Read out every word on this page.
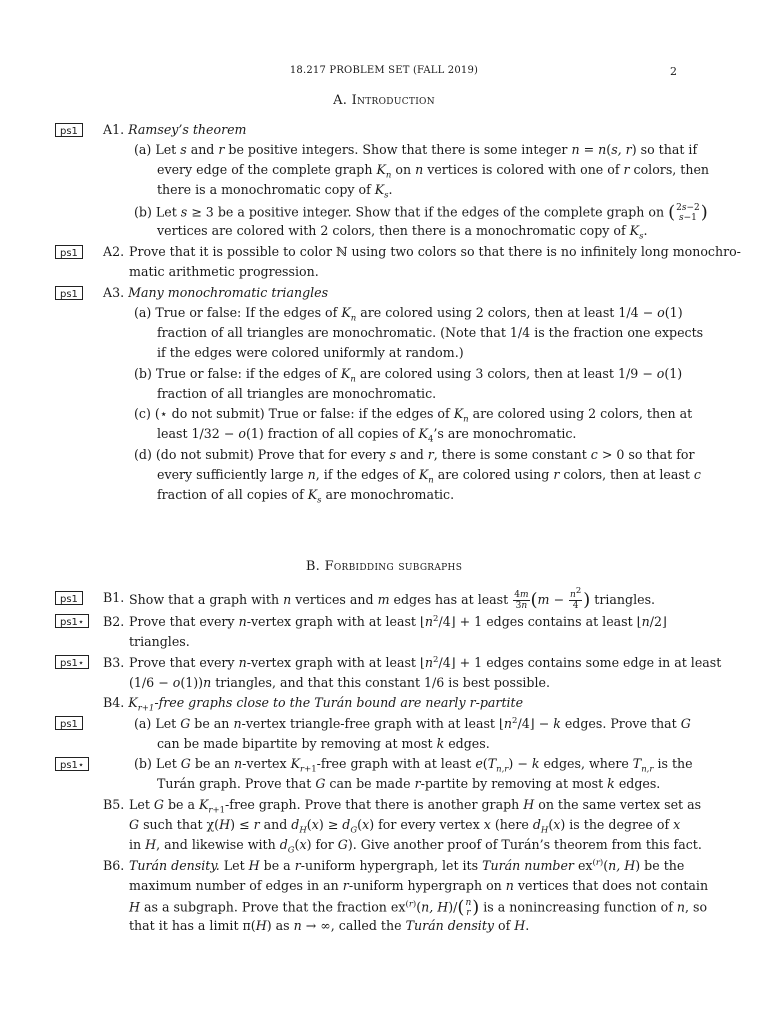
18.217 PROBLEM SET (FALL 2019)	2
A. Introduction
ps1	A1. Ramsey’s theorem
(a) Let s and r be positive integers. Show that there is some integer n = n(s, r) so that if
every edge of the complete graph $K_n$ on n vertices is colored with one of r colors, then
there is a monochromatic copy of $K_s$.
(b) Let s ≥ 3 be a positive integer. Show that if the edges of the complete graph on ( 2s−2
s−1 )
vertices are colored with 2 colors, then there is a monochromatic copy of $K_s$.
ps1	A2. Prove that it is possible to color ℕ using two colors so that there is no infinitely long monochro-
matic arithmetic progression.
ps1	A3. Many monochromatic triangles
(a) True or false: If the edges of $K_n$ are colored using 2 colors, then at least 1/4 − o(1)
fraction of all triangles are monochromatic. (Note that 1/4 is the fraction one expects
if the edges were colored uniformly at random.)
(b) True or false: if the edges of $K_n$ are colored using 3 colors, then at least 1/9 − o(1)
fraction of all triangles are monochromatic.
(c) (⋆ do not submit) True or false: if the edges of $K_n$ are colored using 2 colors, then at
least 1/32 − o(1) fraction of all copies of $K_4’s$ are monochromatic.
(d) (do not submit) Prove that for every s and r, there is some constant c > 0 so that for
every sufficiently large n, if the edges of $K_n$ are colored using r colors, then at least c
fraction of all copies of $K_s$ are monochromatic.
B. Forbidding subgraphs
ps1	B1. Show that a graph with n vertices and m edges has at least $\frac{4m}{3n} (m - \frac{n^2}{4}$ ) triangles.
ps1⋆	B2. Prove that every n-vertex graph with at least $⌊n^2/4⌋ + 1$ edges contains at least ⌊n/2⌋
triangles.
ps1⋆	B3. Prove that every n-vertex graph with at least $⌊n^2/4⌋ + 1$ edges contains some edge in at least
(1/6 − o(1))n triangles, and that this constant 1/6 is best possible.
B4. $K_{r+1}$-free graphs close to the Turán bound are nearly r-partite
ps1	(a) Let G be an n-vertex triangle-free graph with at least $⌊n^2/4⌋ - k$ edges. Prove that G
can be made bipartite by removing at most k edges.
ps1⋆	(b) Let G be an n-vertex $K_{r+1}$-free graph with at least $e(T_{n,r}) - k$ edges, where $T_{n,r}$ is the
Turán graph. Prove that G can be made r-partite by removing at most k edges.
B5. Let G be a $K_{r+1}$-free graph. Prove that there is another graph H on the same vertex set as
G such that χ(H) ≤ r and $d_H(x) \ge d_G(x)$ for every vertex x (here $d_H(x)$ is the degree of x
in H, and likewise with $d_G(x)$ for G). Give another proof of Turán’s theorem from this fact.
B6. Turán density. Let H be a r-uniform hypergraph, let its Turán number $ex^{(r)}(n$, H) be the
maximum number of edges in an r-uniform hypergraph on n vertices that does not contain
H as a subgraph. Prove that the fraction $ex^{(r)}(n$, H)/( n
r ) is a nonincreasing function of n, so
that it has a limit π(H) as n → ∞, called the Turán density of H.
